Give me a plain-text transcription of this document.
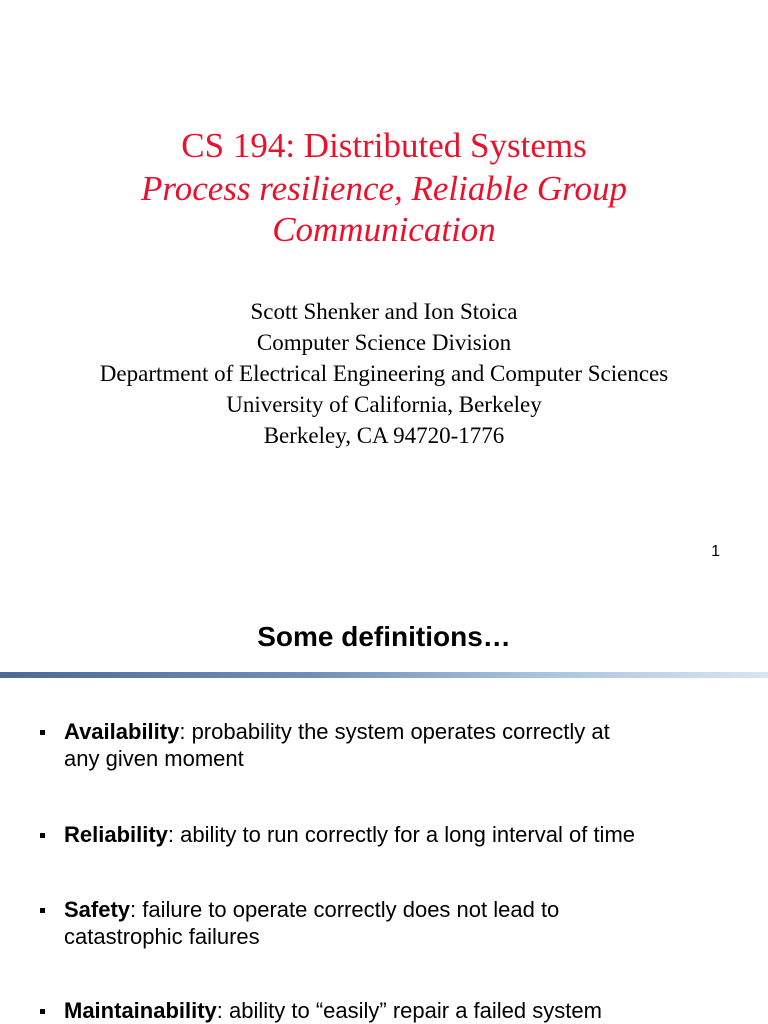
CS 194: Distributed Systems
Process resilience, Reliable Group
Communication
Scott Shenker and Ion Stoica
Computer Science Division
Department of Electrical Engineering and Computer Sciences
University of California, Berkeley
Berkeley, CA 94720-1776
1
Some definitions…
Availability: probability the system operates correctly at
any given moment
Reliability: ability to run correctly for a long interval of time
Safety: failure to operate correctly does not lead to
catastrophic failures
Maintainability: ability to “easily” repair a failed system
